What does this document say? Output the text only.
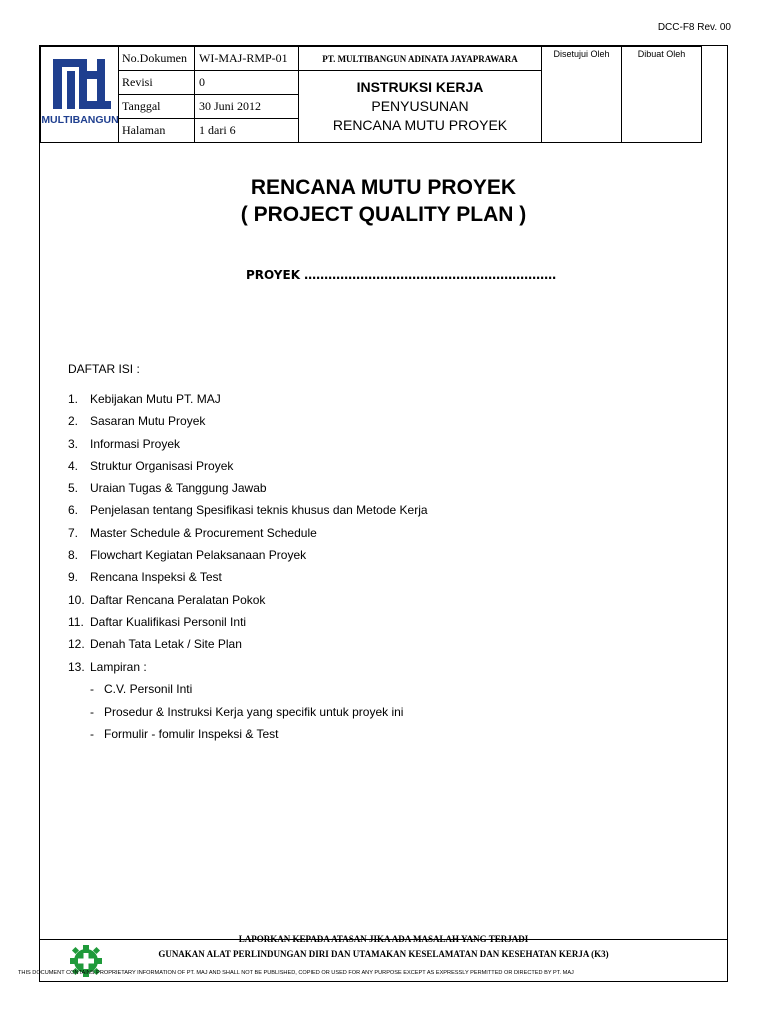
DCC-F8 Rev. 00
MULTIBANGUN	No.Dokumen	WI-MAJ-RMP-01	PT. MULTIBANGUN ADINATA JAYAPRAWARA	Disetujui Oleh	Dibuat Oleh
	Revisi	0	INSTRUKSI KERJA
PENYUSUNAN
RENCANA MUTU PROYEK		

	Tanggal	30 Juni 2012			
	Halaman	1 dari 6			
RENCANA MUTU PROYEK
( PROJECT QUALITY PLAN )
PROYEK ………………………………………………………
DAFTAR ISI :
1. Kebijakan Mutu PT. MAJ
2. Sasaran Mutu Proyek
3. Informasi Proyek
4. Struktur Organisasi Proyek
5. Uraian Tugas & Tanggung Jawab
6. Penjelasan tentang Spesifikasi teknis khusus dan Metode Kerja
7. Master Schedule & Procurement Schedule
8. Flowchart Kegiatan Pelaksanaan Proyek
9. Rencana Inspeksi & Test
10. Daftar Rencana Peralatan Pokok
11. Daftar Kualifikasi Personil Inti
12. Denah Tata Letak / Site Plan
13. Lampiran :
- C.V. Personil Inti
- Prosedur & Instruksi Kerja yang specifik untuk proyek ini
- Formulir - fomulir Inspeksi & Test
LAPORKAN KEPADA ATASAN JIKA ADA MASALAH YANG TERJADI
GUNAKAN ALAT PERLINDUNGAN DIRI DAN UTAMAKAN KESELAMATAN DAN KESEHATAN KERJA (K3)
THIS DOCUMENT CONTAINS PROPRIETARY INFORMATION OF PT. MAJ AND SHALL NOT BE PUBLISHED, COPIED OR USED FOR ANY PURPOSE EXCEPT AS EXPRESSLY PERMITTED OR DIRECTED BY PT. MAJ
